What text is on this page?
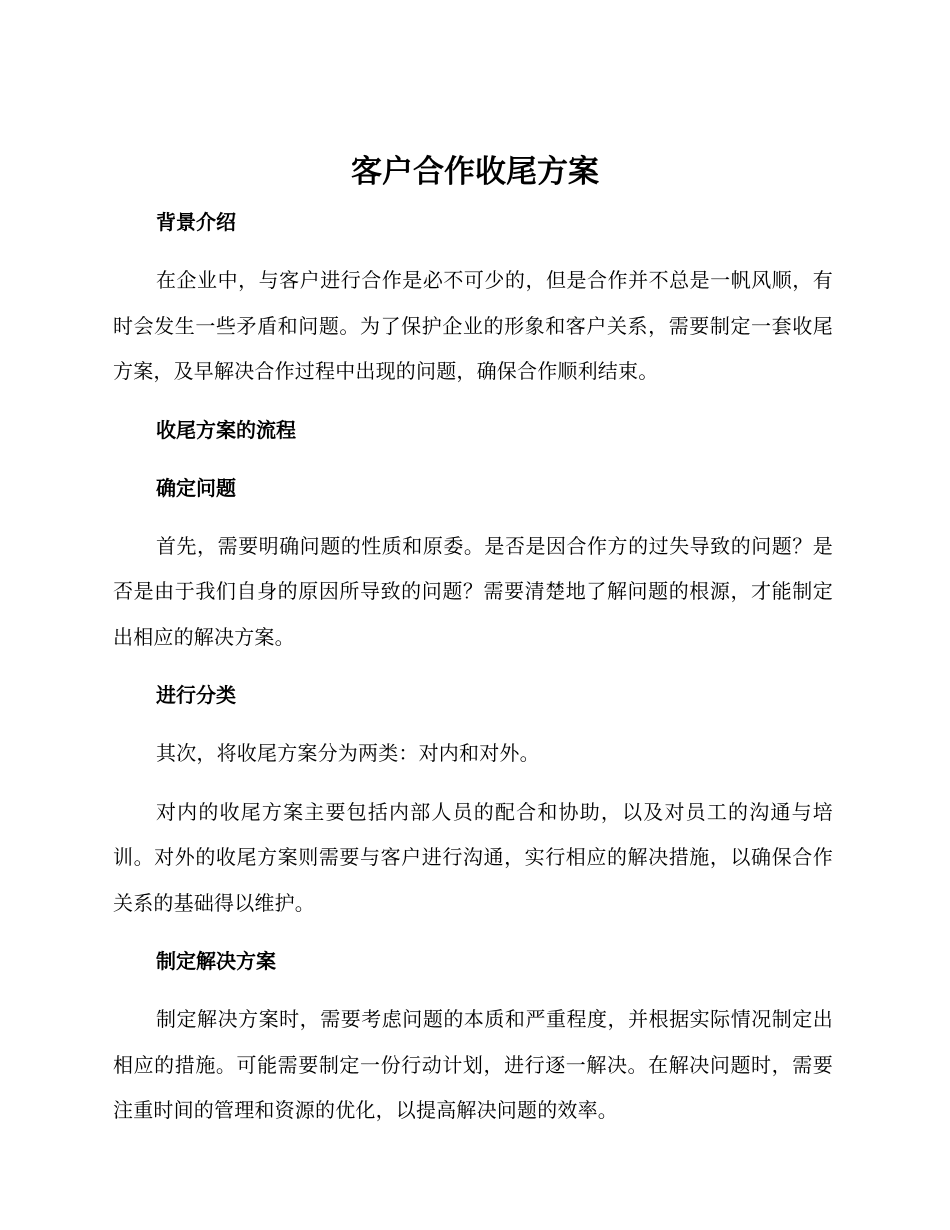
客户合作收尾方案

背景介绍

在企业中，与客户进行合作是必不可少的，但是合作并不总是一帆风顺，有时会发生一些矛盾和问题。为了保护企业的形象和客户关系，需要制定一套收尾方案，及早解决合作过程中出现的问题，确保合作顺利结束。

收尾方案的流程

确定问题

首先，需要明确问题的性质和原委。是否是因合作方的过失导致的问题？是否是由于我们自身的原因所导致的问题？需要清楚地了解问题的根源，才能制定出相应的解决方案。

进行分类

其次，将收尾方案分为两类：对内和对外。

对内的收尾方案主要包括内部人员的配合和协助，以及对员工的沟通与培训。对外的收尾方案则需要与客户进行沟通，实行相应的解决措施，以确保合作关系的基础得以维护。

制定解决方案

制定解决方案时，需要考虑问题的本质和严重程度，并根据实际情况制定出相应的措施。可能需要制定一份行动计划，进行逐一解决。在解决问题时，需要注重时间的管理和资源的优化，以提高解决问题的效率。
